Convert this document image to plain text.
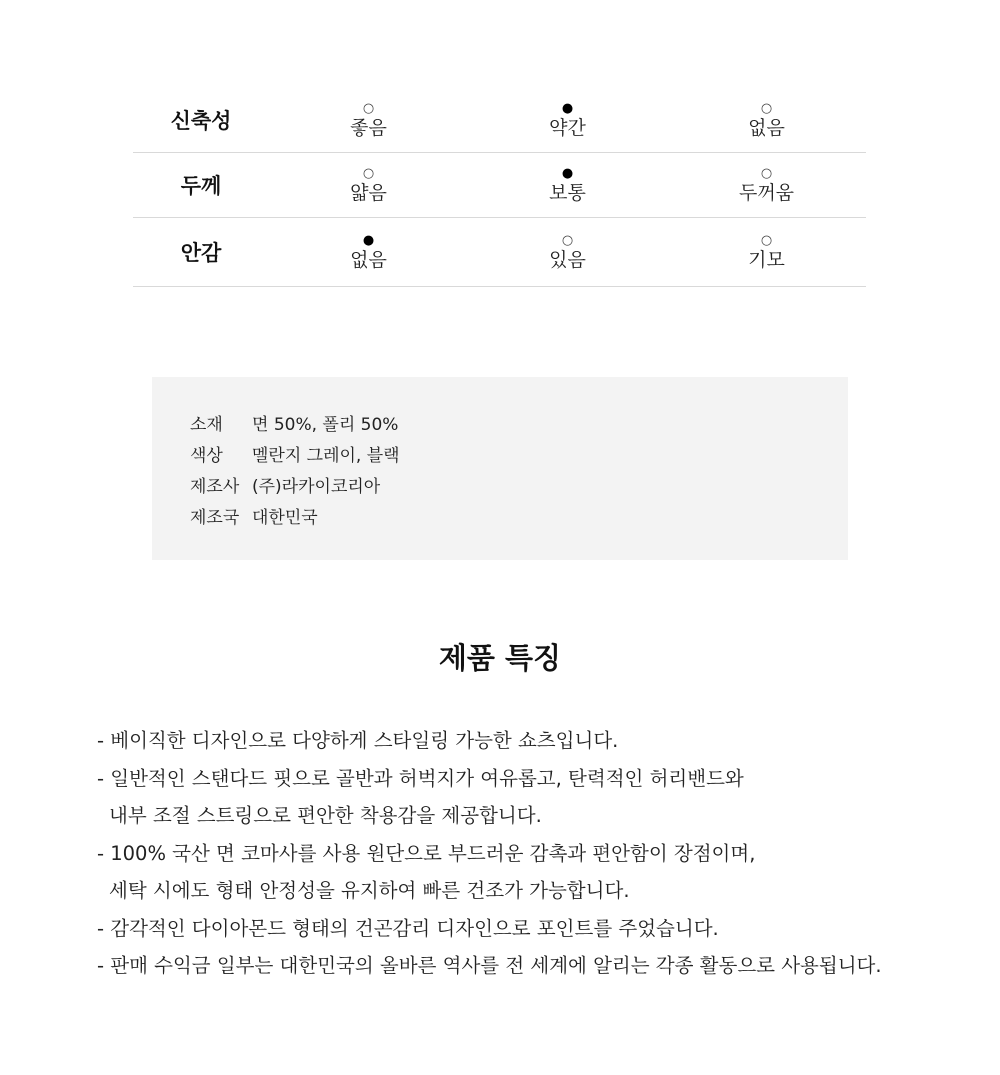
신축성
○
좋음
●
약간
○
없음
두께
○
얇음
●
보통
○
두꺼움
안감
●
없음
○
있음
○
기모
소재	면 50%, 폴리 50%
색상	멜란지 그레이, 블랙
제조사 (주)라카이코리아
제조국 대한민국
제품 특징
- 베이직한 디자인으로 다양하게 스타일링 가능한 쇼츠입니다.
- 일반적인 스탠다드 핏으로 골반과 허벅지가 여유롭고, 탄력적인 허리밴드와
내부 조절 스트링으로 편안한 착용감을 제공합니다.
- 100% 국산 면 코마사를 사용 원단으로 부드러운 감촉과 편안함이 장점이며,
세탁 시에도 형태 안정성을 유지하여 빠른 건조가 가능합니다.
- 감각적인 다이아몬드 형태의 건곤감리 디자인으로 포인트를 주었습니다.
- 판매 수익금 일부는 대한민국의 올바른 역사를 전 세계에 알리는 각종 활동으로 사용됩니다.
